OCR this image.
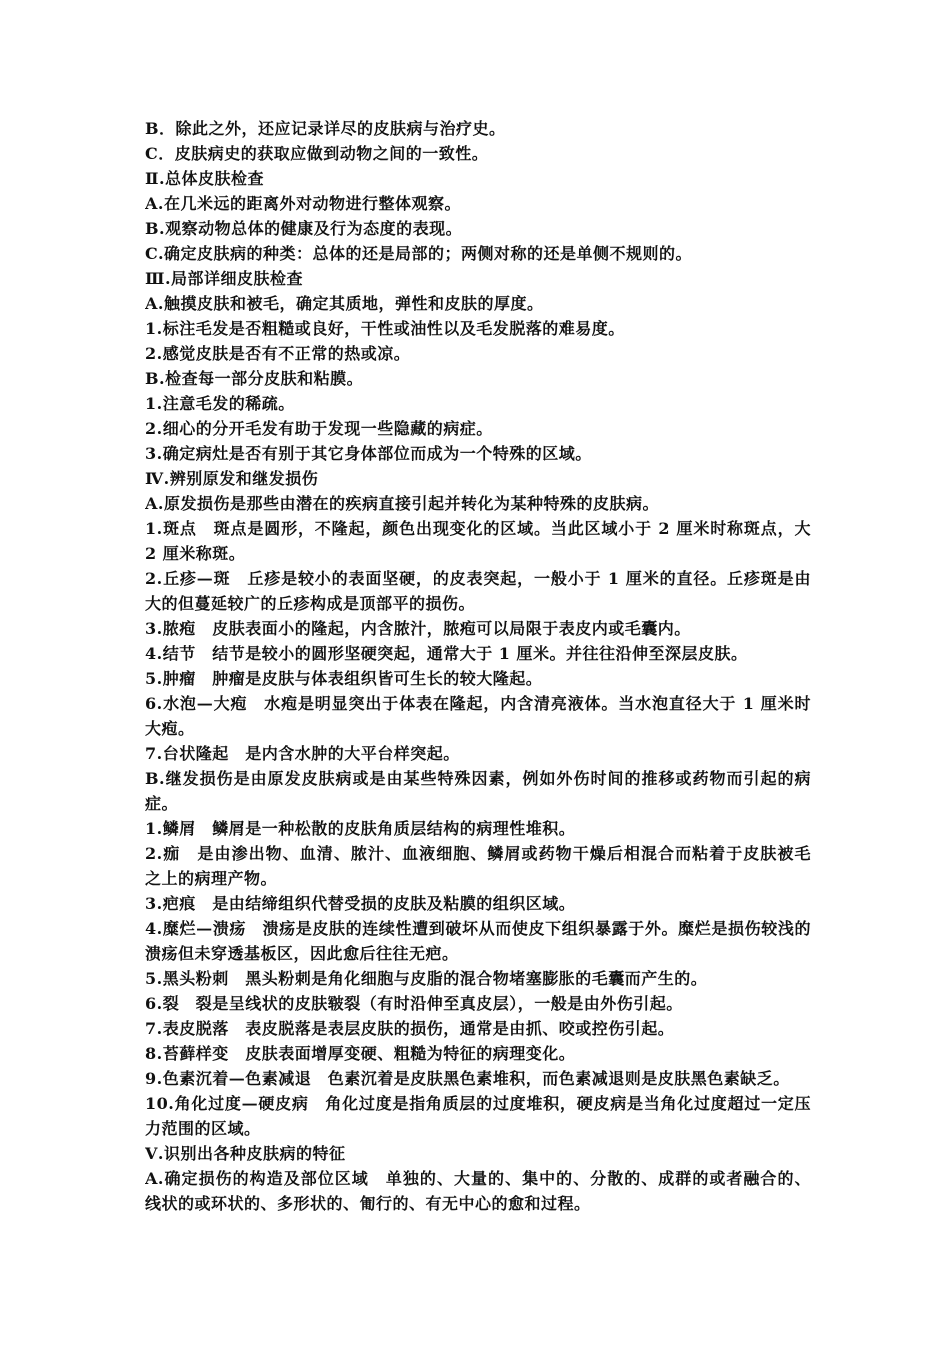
B．除此之外，还应记录详尽的皮肤病与治疗史。
C．皮肤病史的获取应做到动物之间的一致性。
Ⅱ.总体皮肤检查
A.在几米远的距离外对动物进行整体观察。
B.观察动物总体的健康及行为态度的表现。
C.确定皮肤病的种类：总体的还是局部的；两侧对称的还是单侧不规则的。
Ⅲ.局部详细皮肤检查
A.触摸皮肤和被毛，确定其质地，弹性和皮肤的厚度。
1.标注毛发是否粗糙或良好，干性或油性以及毛发脱落的难易度。
2.感觉皮肤是否有不正常的热或凉。
B.检查每一部分皮肤和粘膜。
1.注意毛发的稀疏。
2.细心的分开毛发有助于发现一些隐藏的病症。
3.确定病灶是否有别于其它身体部位而成为一个特殊的区域。
Ⅳ.辨别原发和继发损伤
A.原发损伤是那些由潜在的疾病直接引起并转化为某种特殊的皮肤病。
1.斑点　斑点是圆形，不隆起，颜色出现变化的区域。当此区域小于 2 厘米时称斑点，大
2 厘米称斑。
2.丘疹—斑　丘疹是较小的表面坚硬，的皮表突起，一般小于 1 厘米的直径。丘疹斑是由
大的但蔓延较广的丘疹构成是顶部平的损伤。
3.脓疱　皮肤表面小的隆起，内含脓汁，脓疱可以局限于表皮内或毛囊内。
4.结节　结节是较小的圆形坚硬突起，通常大于 1 厘米。并往往沿伸至深层皮肤。
5.肿瘤　肿瘤是皮肤与体表组织皆可生长的较大隆起。
6.水泡—大疱　水疱是明显突出于体表在隆起，内含清亮液体。当水泡直径大于 1 厘米时
大疱。
7.台状隆起　是内含水肿的大平台样突起。
B.继发损伤是由原发皮肤病或是由某些特殊因素，例如外伤时间的推移或药物而引起的病
症。
1.鳞屑　鳞屑是一种松散的皮肤角质层结构的病理性堆积。
2.痂　是由渗出物、血清、脓汁、血液细胞、鳞屑或药物干燥后相混合而粘着于皮肤被毛
之上的病理产物。
3.疤痕　是由结缔组织代替受损的皮肤及粘膜的组织区域。
4.糜烂—溃疡　溃疡是皮肤的连续性遭到破坏从而使皮下组织暴露于外。糜烂是损伤较浅的
溃疡但未穿透基板区，因此愈后往往无疤。
5.黑头粉刺　黑头粉刺是角化细胞与皮脂的混合物堵塞膨胀的毛囊而产生的。
6.裂　裂是呈线状的皮肤皲裂（有时沿伸至真皮层），一般是由外伤引起。
7.表皮脱落　表皮脱落是表层皮肤的损伤，通常是由抓、咬或控伤引起。
8.苔藓样变　皮肤表面增厚变硬、粗糙为特征的病理变化。
9.色素沉着—色素减退　色素沉着是皮肤黑色素堆积，而色素减退则是皮肤黑色素缺乏。
10.角化过度—硬皮病　角化过度是指角质层的过度堆积，硬皮病是当角化过度超过一定压
力范围的区域。
Ⅴ.识别出各种皮肤病的特征
A.确定损伤的构造及部位区域　单独的、大量的、集中的、分散的、成群的或者融合的、
线状的或环状的、多形状的、匍行的、有无中心的愈和过程。
